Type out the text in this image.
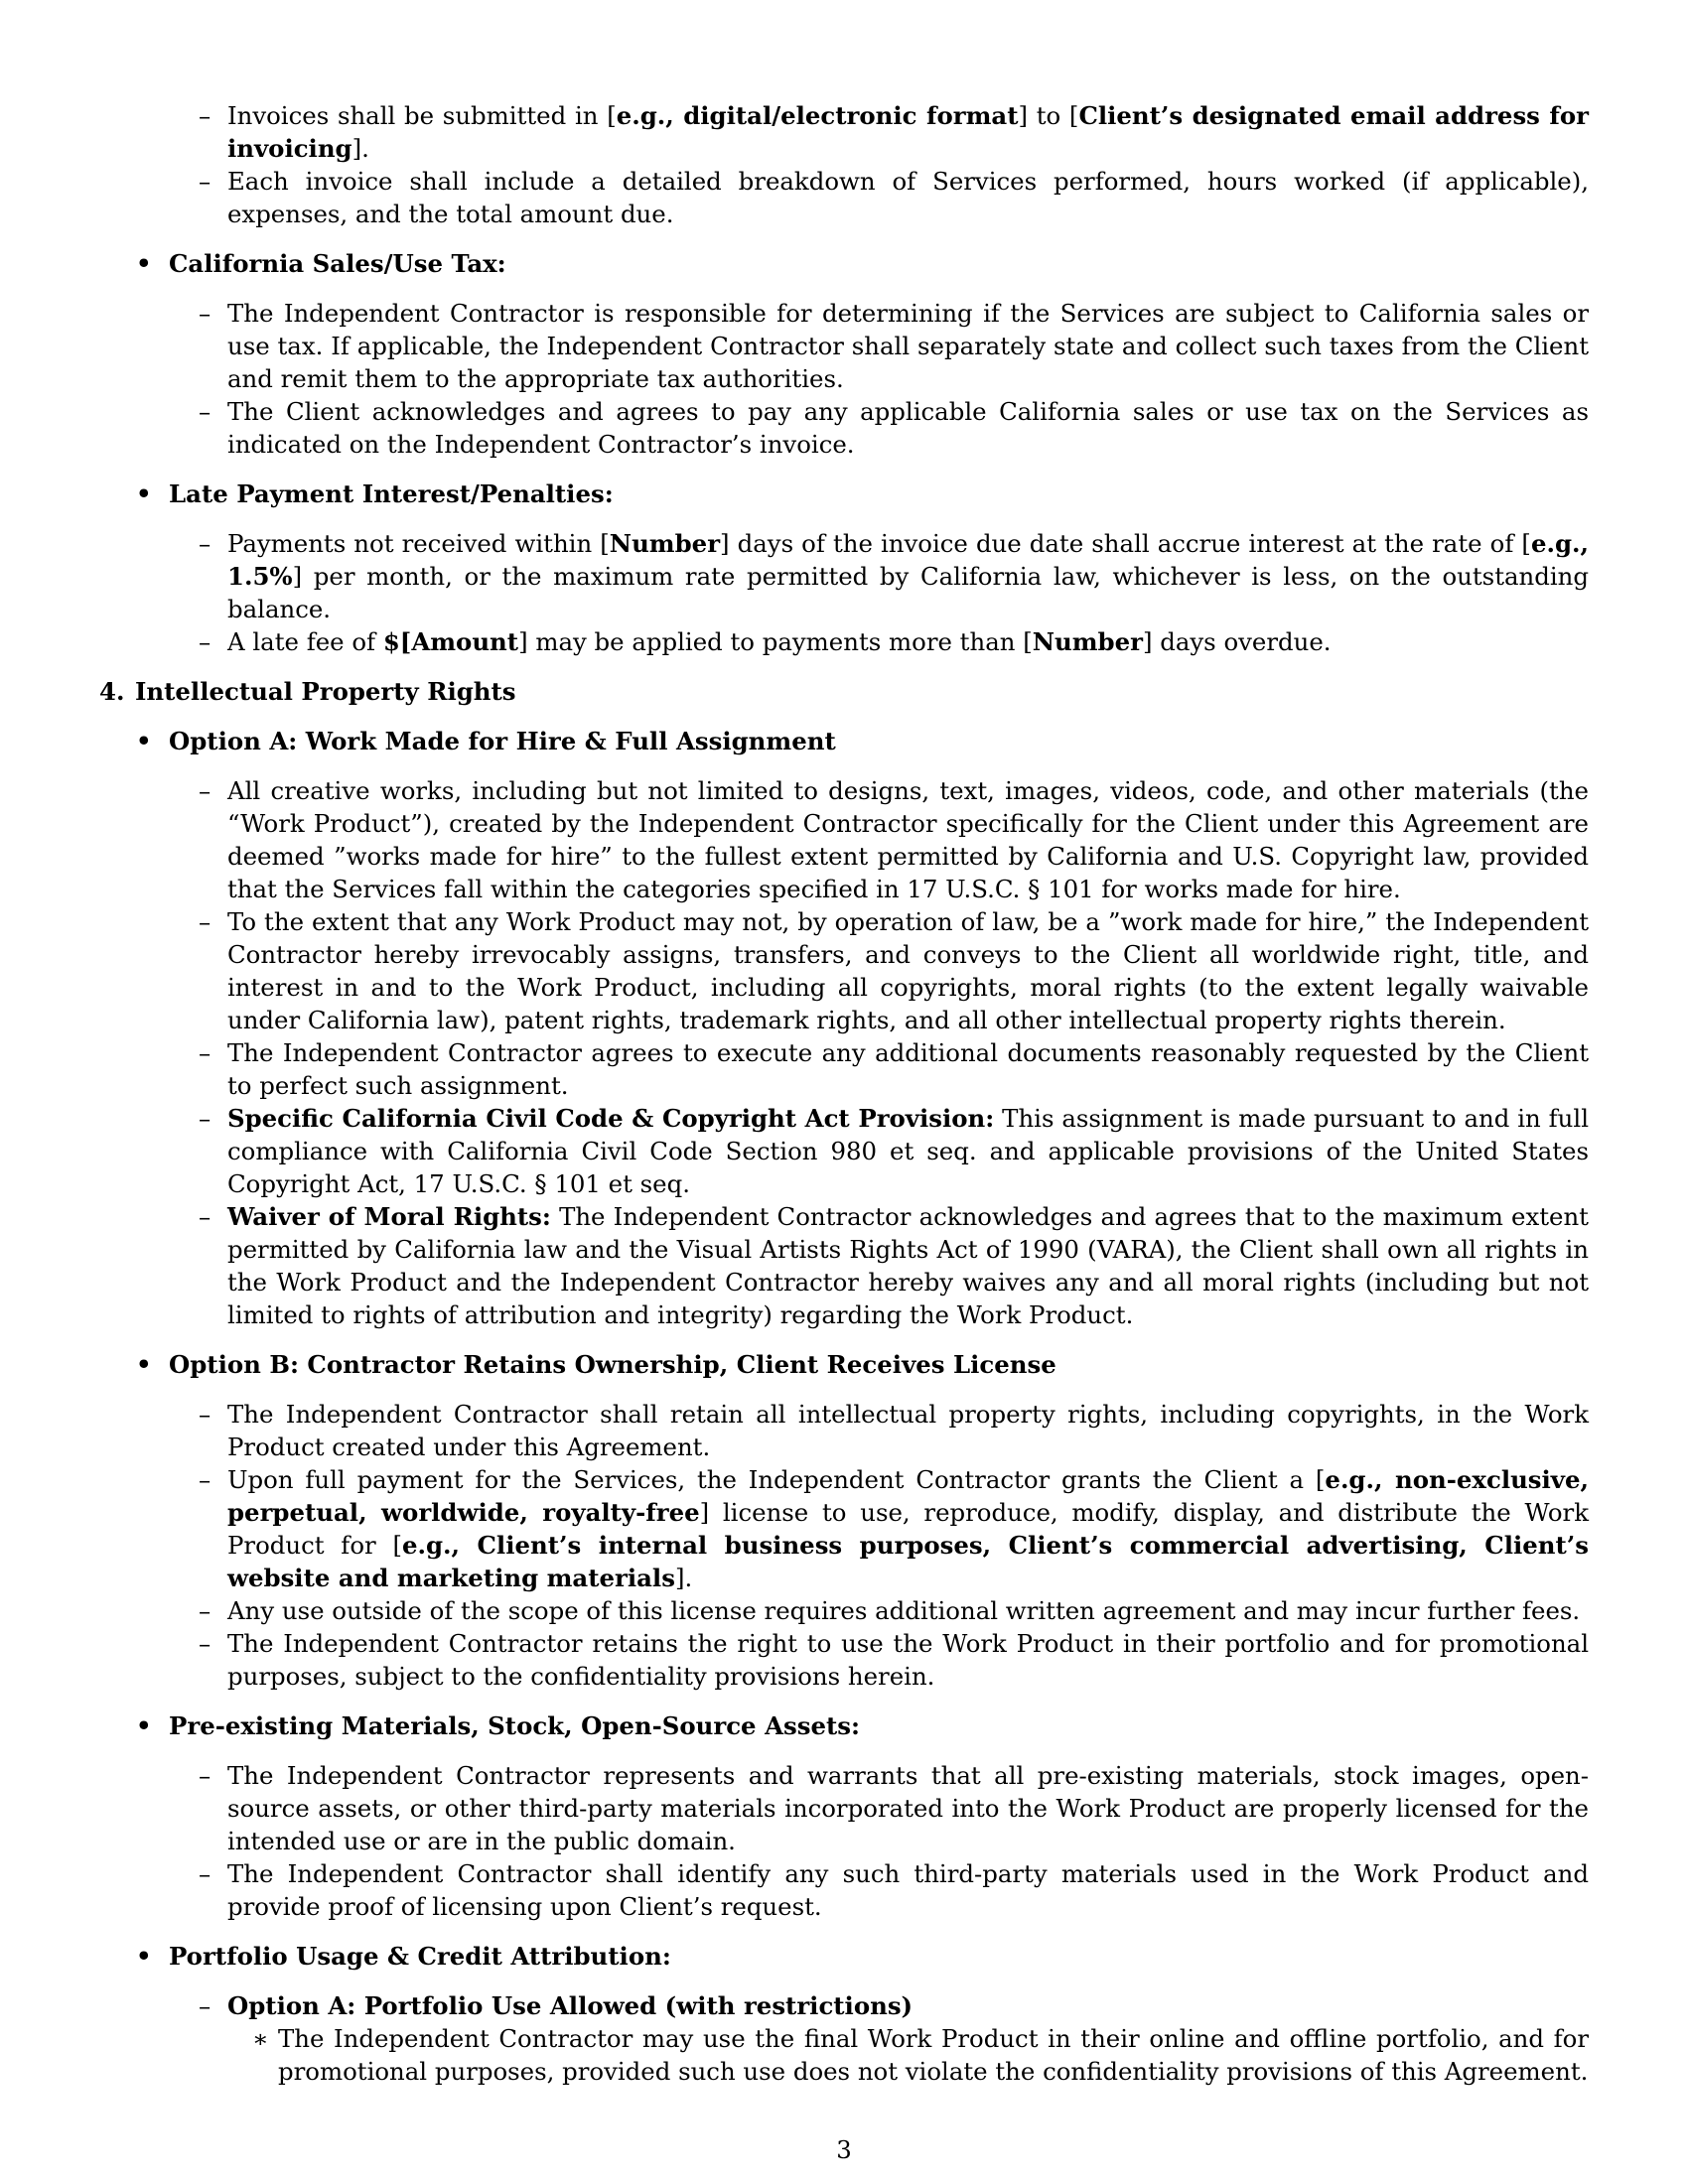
– Invoices shall be submitted in [e.g., digital/electronic format] to [Client’s designated email address for invoicing].
– Each invoice shall include a detailed breakdown of Services performed, hours worked (if applicable), expenses, and the total amount due.
• California Sales/Use Tax:
– The Independent Contractor is responsible for determining if the Services are subject to California sales or use tax. If applicable, the Independent Contractor shall separately state and collect such taxes from the Client and remit them to the appropriate tax authorities.
– The Client acknowledges and agrees to pay any applicable California sales or use tax on the Services as indicated on the Independent Contractor’s invoice.
• Late Payment Interest/Penalties:
– Payments not received within [Number] days of the invoice due date shall accrue interest at the rate of [e.g., 1.5%] per month, or the maximum rate permitted by California law, whichever is less, on the outstanding balance.
– A late fee of $[Amount] may be applied to payments more than [Number] days overdue.
4. Intellectual Property Rights
• Option A: Work Made for Hire & Full Assignment
– All creative works, including but not limited to designs, text, images, videos, code, and other materials (the “Work Product”), created by the Independent Contractor specifically for the Client under this Agreement are deemed ”works made for hire” to the fullest extent permitted by California and U.S. Copyright law, provided that the Services fall within the categories specified in 17 U.S.C. § 101 for works made for hire.
– To the extent that any Work Product may not, by operation of law, be a ”work made for hire,” the Independent Contractor hereby irrevocably assigns, transfers, and conveys to the Client all worldwide right, title, and interest in and to the Work Product, including all copyrights, moral rights (to the extent legally waivable under California law), patent rights, trademark rights, and all other intellectual property rights therein.
– The Independent Contractor agrees to execute any additional documents reasonably requested by the Client to perfect such assignment.
– Specific California Civil Code & Copyright Act Provision: This assignment is made pursuant to and in full compliance with California Civil Code Section 980 et seq. and applicable provisions of the United States Copyright Act, 17 U.S.C. § 101 et seq.
– Waiver of Moral Rights: The Independent Contractor acknowledges and agrees that to the maximum extent permitted by California law and the Visual Artists Rights Act of 1990 (VARA), the Client shall own all rights in the Work Product and the Independent Contractor hereby waives any and all moral rights (including but not limited to rights of attribution and integrity) regarding the Work Product.
• Option B: Contractor Retains Ownership, Client Receives License
– The Independent Contractor shall retain all intellectual property rights, including copyrights, in the Work Product created under this Agreement.
– Upon full payment for the Services, the Independent Contractor grants the Client a [e.g., non-exclusive, perpetual, worldwide, royalty-free] license to use, reproduce, modify, display, and distribute the Work Product for [e.g., Client’s internal business purposes, Client’s commercial advertising, Client’s website and marketing materials].
– Any use outside of the scope of this license requires additional written agreement and may incur further fees.
– The Independent Contractor retains the right to use the Work Product in their portfolio and for promotional purposes, subject to the confidentiality provisions herein.
• Pre-existing Materials, Stock, Open-Source Assets:
– The Independent Contractor represents and warrants that all pre-existing materials, stock images, open-source assets, or other third-party materials incorporated into the Work Product are properly licensed for the intended use or are in the public domain.
– The Independent Contractor shall identify any such third-party materials used in the Work Product and provide proof of licensing upon Client’s request.
• Portfolio Usage & Credit Attribution:
– Option A: Portfolio Use Allowed (with restrictions)
∗ The Independent Contractor may use the final Work Product in their online and offline portfolio, and for promotional purposes, provided such use does not violate the confidentiality provisions of this Agreement.
3
